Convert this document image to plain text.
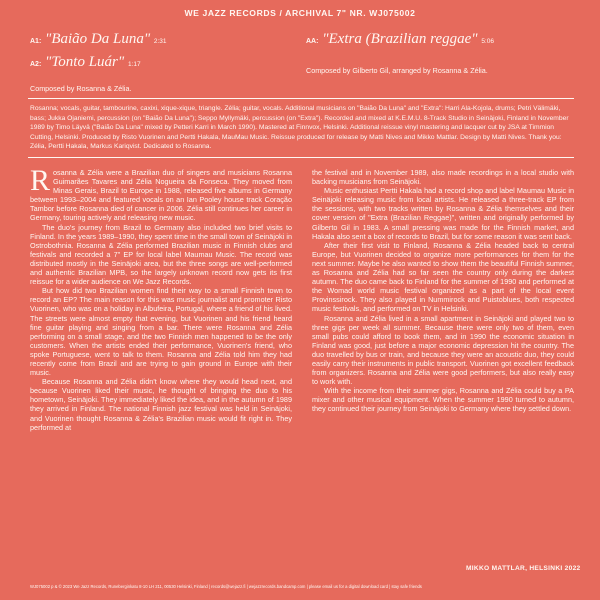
WE JAZZ RECORDS / ARCHIVAL 7" NR. WJ075002
A1: "Baião Da Luna" 2:31
A2: "Tonto Luár" 1:17
AA: "Extra (Brazilian reggae" 5:06
Composed by Rosanna & Zélia.
Composed by Gilberto Gil, arranged by Rosanna & Zélia.
Rosanna; vocals, guitar, tambourine, caxixi, xique-xique, triangle. Zélia; guitar, vocals. Additional musicians on "Baião Da Luna" and "Extra": Harri Ala-Kojola, drums; Petri Välimäki, bass; Jukka Ojaniemi, percussion (on "Baião Da Luna"); Seppo Myllymäki, percussion (on "Extra"). Recorded and mixed at K.E.M.U. 8-Track Studio in Seinäjoki, Finland in November 1989 by Timo Läyvä ("Baião Da Luna" mixed by Petteri Karri in March 1990). Mastered at Finnvox, Helsinki. Additional reissue vinyl mastering and lacquer cut by JSA at Timmion Cutting, Helsinki. Produced by Risto Vuorinen and Pertti Hakala, MauMau Music. Reissue produced for release by Matti Nives and Mikko Mattlar. Design by Matti Nives. Thank you: Zélia, Pertti Hakala, Markus Kariqvist. Dedicated to Rosanna.

Rosanna & Zélia were a Brazilian duo of singers and musicians Rosanna Guimarães Tavares and Zélia Nogueira da Fonseca. They moved from Minas Gerais, Brazil to Europe in 1988, released five albums in Germany between 1993–2004 and featured vocals on an Ian Pooley house track Coração Tambor before Rosanna died of cancer in 2006. Zélia still continues her career in Germany, touring actively and releasing new music.

The duo's journey from Brazil to Germany also included two brief visits to Finland. In the years 1989–1990, they spent time in the small town of Seinäjoki in Ostrobothnia. Rosanna & Zélia performed Brazilian music in Finnish clubs and festivals and recorded a 7" EP for local label Maumau Music. The record was distributed mostly in the Seinäjoki area, but the three songs are well-performed and authentic Brazilian MPB, so the largely unknown record now gets its first reissue for a wider audience on We Jazz Records.

But how did two Brazilian women find their way to a small Finnish town to record an EP? The main reason for this was music journalist and promoter Risto Vuorinen, who was on a holiday in Albufeira, Portugal, where a friend of his lived. The streets were almost empty that evening, but Vuorinen and his friend heard fine guitar playing and singing from a bar. There were Rosanna and Zélia performing on a small stage, and the two Finnish men happened to be the only customers. When the artists ended their performance, Vuorinen's friend, who spoke Portuguese, went to talk to them. Rosanna and Zélia told him they had recently come from Brazil and are trying to gain ground in Europe with their music.

Because Rosanna and Zélia didn't know where they would head next, and because Vuorinen liked their music, he thought of bringing the duo to his hometown, Seinäjoki. They immediately liked the idea, and in the autumn of 1989 they arrived in Finland. The national Finnish jazz festival was held in Seinäjoki, and Vuorinen thought Rosanna & Zélia's Brazilian music would fit right in. They performed at

the festival and in November 1989, also made recordings in a local studio with backing musicians from Seinäjoki.

Music enthusiast Pertti Hakala had a record shop and label Maumau Music in Seinäjoki releasing music from local artists. He released a three-track EP from the sessions, with two tracks written by Rosanna & Zélia themselves and their cover version of "Extra (Brazilian Reggae)", written and originally performed by Gilberto Gil in 1983. A small pressing was made for the Finnish market, and Hakala also sent a box of records to Brazil, but for some reason it was sent back.

After their first visit to Finland, Rosanna & Zélia headed back to central Europe, but Vuorinen decided to organize more performances for them for the next summer. Maybe he also wanted to show them the beautiful Finnish summer, as Rosanna and Zélia had so far seen the country only during the darkest autumn. The duo came back to Finland for the summer of 1990 and performed at the Womad world music festival organized as a part of the local event Provinssirock. They also played in Nummirock and Puistoblues, both respected music festivals, and performed on TV in Helsinki.

Rosanna and Zélia lived in a small apartment in Seinäjoki and played two to three gigs per week all summer. Because there were only two of them, even small pubs could afford to book them, and in 1990 the economic situation in Finland was good, just before a major economic depression hit the country. The duo travelled by bus or train, and because they were an acoustic duo, they could easily carry their instruments in public transport. Vuorinen got excellent feedback from organizers. Rosanna and Zélia were good performers, but also really easy to work with.

With the income from their summer gigs, Rosanna and Zélia could buy a PA mixer and other musical equipment. When the summer 1990 turned to autumn, they continued their journey from Seinäjoki to Germany where they settled down.

MIKKO MATTLAR, HELSINKI 2022
WJ075002 p & © 2023 We Jazz Records, Runeberginkatu 8-10 LH 211, 00530 Helsinki, Finland | records@wejazz.fi | wejazzrecords.bandcamp.com | please email us for a digital download card | stay safe friends
